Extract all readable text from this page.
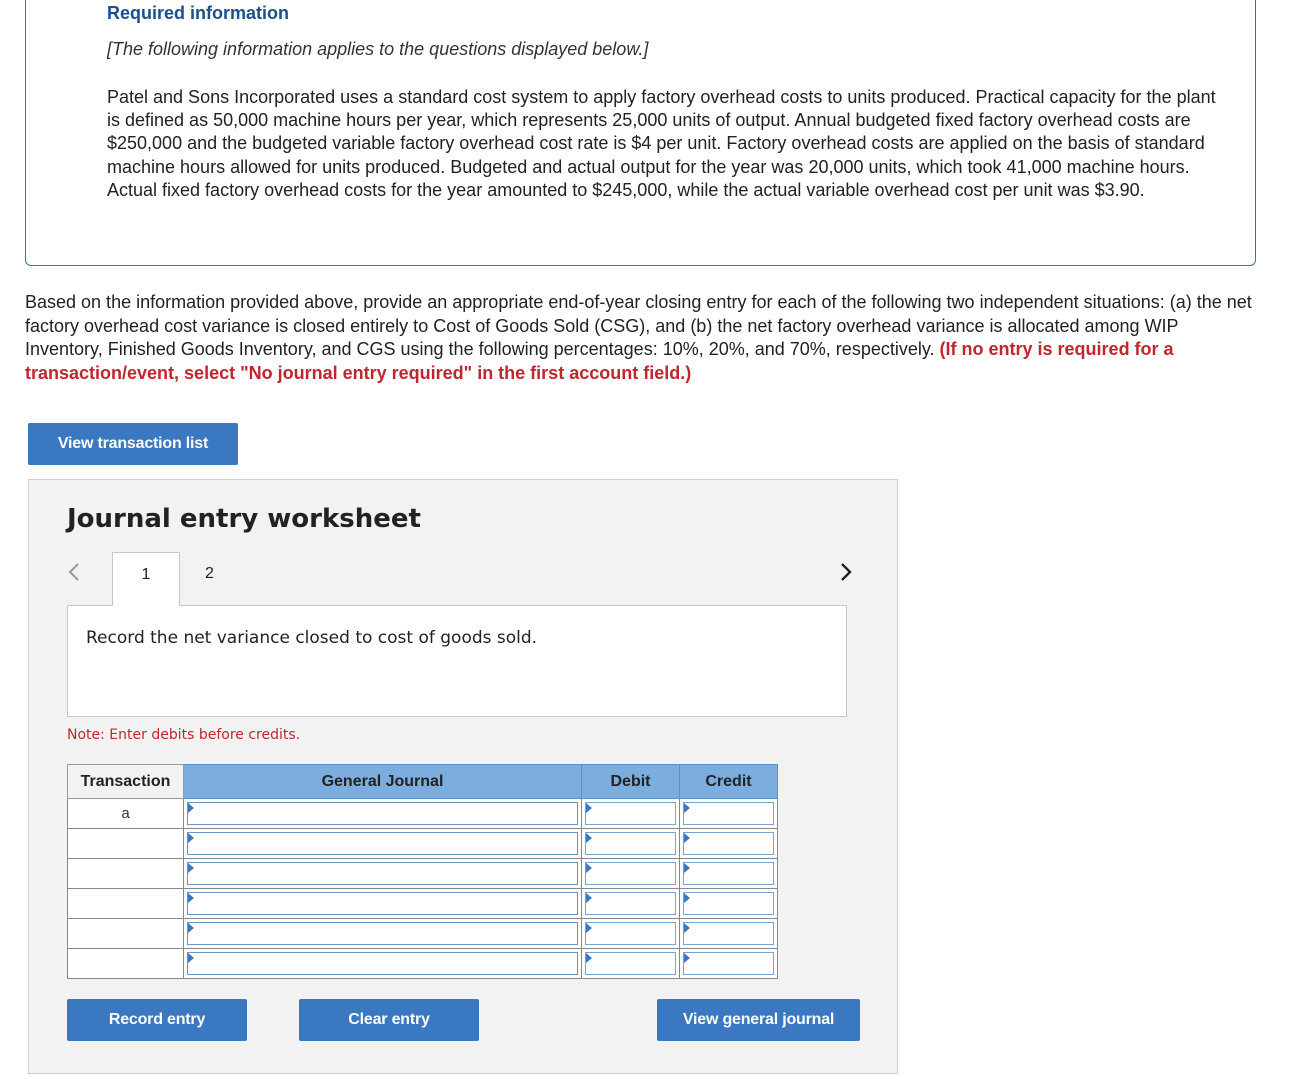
Required information
[The following information applies to the questions displayed below.]
Patel and Sons Incorporated uses a standard cost system to apply factory overhead costs to units produced. Practical capacity for the plant is defined as 50,000 machine hours per year, which represents 25,000 units of output. Annual budgeted fixed factory overhead costs are $250,000 and the budgeted variable factory overhead cost rate is $4 per unit. Factory overhead costs are applied on the basis of standard machine hours allowed for units produced. Budgeted and actual output for the year was 20,000 units, which took 41,000 machine hours. Actual fixed factory overhead costs for the year amounted to $245,000, while the actual variable overhead cost per unit was $3.90.
Based on the information provided above, provide an appropriate end-of-year closing entry for each of the following two independent situations: (a) the net factory overhead cost variance is closed entirely to Cost of Goods Sold (CSG), and (b) the net factory overhead variance is allocated among WIP Inventory, Finished Goods Inventory, and CGS using the following percentages: 10%, 20%, and 70%, respectively. (If no entry is required for a transaction/event, select "No journal entry required" in the first account field.)
View transaction list
Journal entry worksheet
1	2
Record the net variance closed to cost of goods sold.
Note: Enter debits before credits.
Transaction	General Journal	Debit	Credit
a	

Record entry	Clear entry	View general journal
